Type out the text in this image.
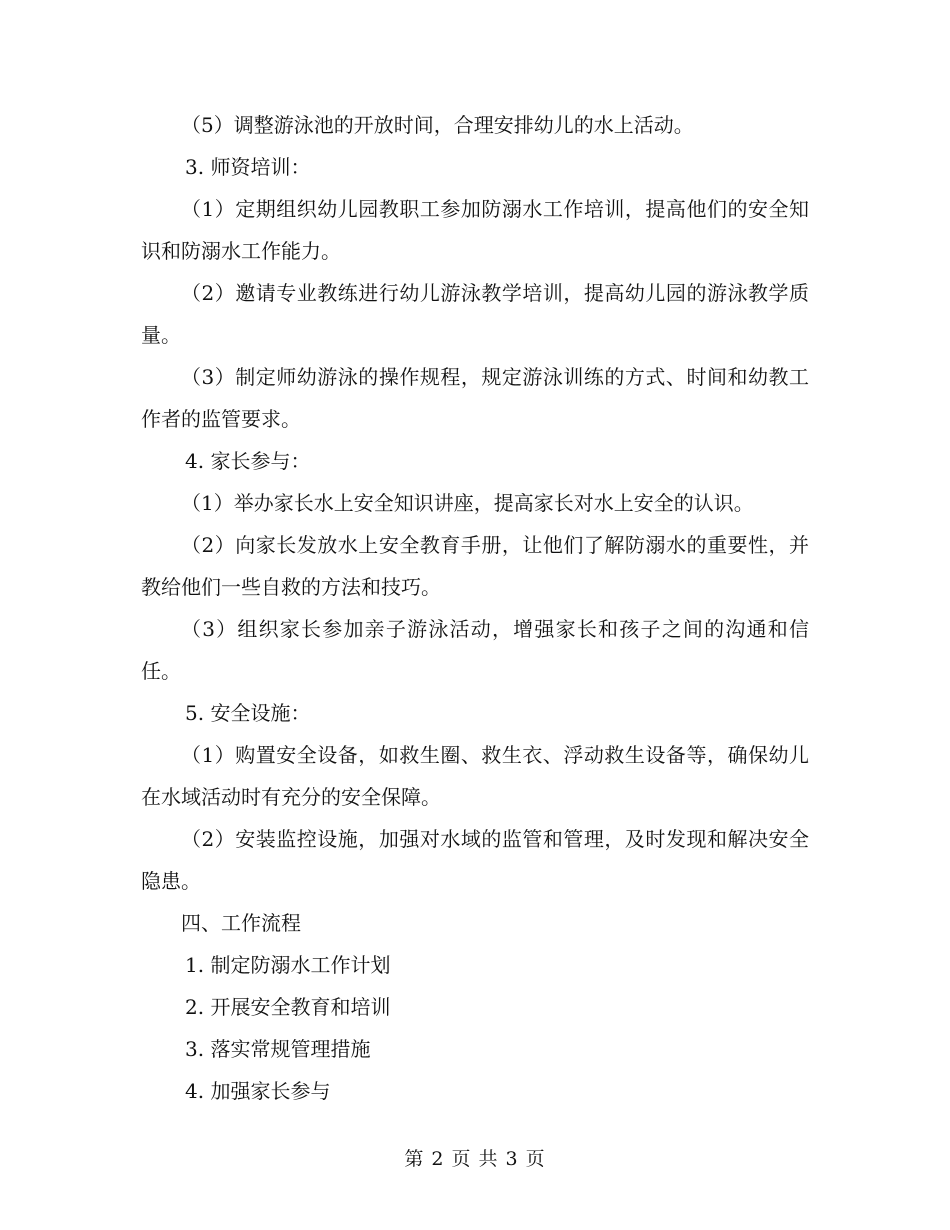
（5）调整游泳池的开放时间，合理安排幼儿的水上活动。

3. 师资培训：

（1）定期组织幼儿园教职工参加防溺水工作培训，提高他们的安全知识和防溺水工作能力。

（2）邀请专业教练进行幼儿游泳教学培训，提高幼儿园的游泳教学质量。

（3）制定师幼游泳的操作规程，规定游泳训练的方式、时间和幼教工作者的监管要求。

4. 家长参与：

（1）举办家长水上安全知识讲座，提高家长对水上安全的认识。

（2）向家长发放水上安全教育手册，让他们了解防溺水的重要性，并教给他们一些自救的方法和技巧。

（3）组织家长参加亲子游泳活动，增强家长和孩子之间的沟通和信任。

5. 安全设施：

（1）购置安全设备，如救生圈、救生衣、浮动救生设备等，确保幼儿在水域活动时有充分的安全保障。

（2）安装监控设施，加强对水域的监管和管理，及时发现和解决安全隐患。

四、工作流程

1. 制定防溺水工作计划

2. 开展安全教育和培训

3. 落实常规管理措施

4. 加强家长参与

第 2 页 共 3 页
